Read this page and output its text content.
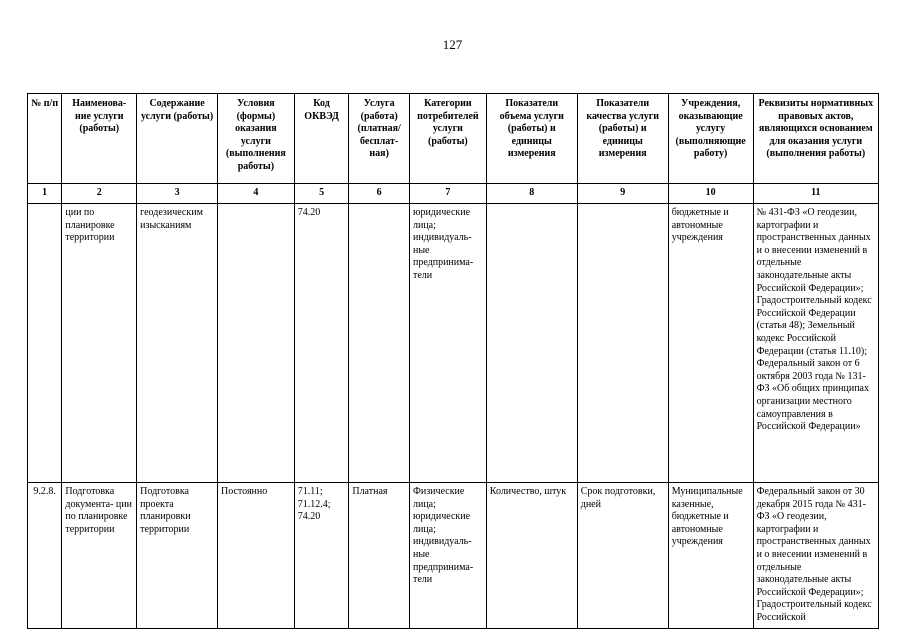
127
№ п/п	Наименова- ние услуги (работы)	Содержание услуги (работы)	Условия (формы) оказания услуги (выполнения работы)	Код ОКВЭД	Услуга (работа) (платная/ бесплат- ная)	Категории потребителей услуги (работы)	Показатели объема услуги (работы) и единицы измерения	Показатели качества услуги (работы) и единицы измерения	Учреждения, оказывающие услугу (выполняющие работу)	Реквизиты нормативных правовых актов, являющихся основанием для оказания услуги (выполнения работы)
1	2	3	4	5	6	7	8	9	10	11
	ции по планировке территории	геодезическим изысканиям		74.20		юридические лица; индивидуаль- ные предпринима- тели			бюджетные и автономные учреждения	№ 431-ФЗ «О геодезии, картографии и пространственных данных и о внесении изменений в отдельные законодательные акты Российской Федерации»; Градостроительный кодекс Российской Федерации (статья 48); Земельный кодекс Российской Федерации (статья 11.10); Федеральный закон от 6 октября 2003 года № 131-ФЗ «Об общих принципах организации местного самоуправления в Российской Федерации»
9.2.8.	Подготовка документа- ции по планировке территории	Подготовка проекта планировки территории	Постоянно	71.11; 71.12.4; 74.20	Платная	Физические лица; юридические лица; индивидуаль- ные предпринима- тели	Количество, штук	Срок подготовки, дней	Муниципальные казенные, бюджетные и автономные учреждения	Федеральный закон от 30 декабря 2015 года № 431-ФЗ «О геодезии, картографии и пространственных данных и о внесении изменений в отдельные законодательные акты Российской Федерации»; Градостроительный кодекс Российской
